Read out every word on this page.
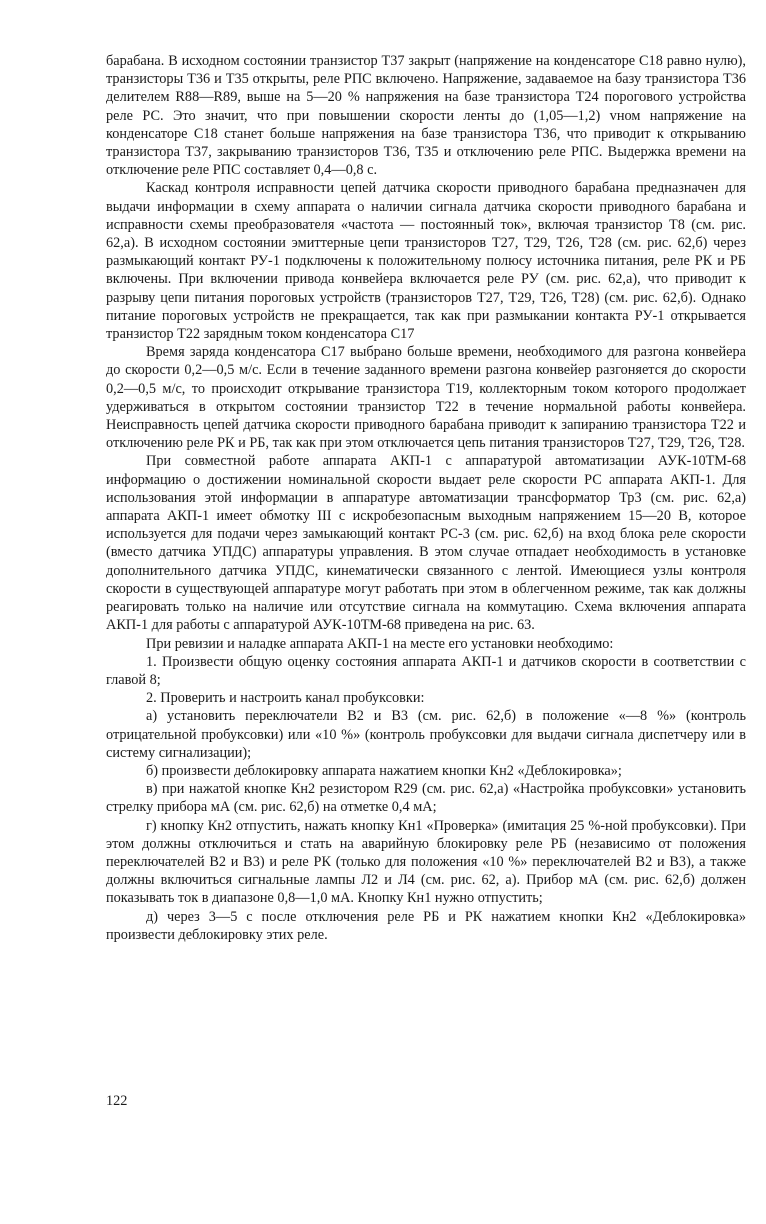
барабана. В исходном состоянии транзистор Т37 закрыт (напряжение на конденсаторе С18 равно нулю), транзисторы Т36 и Т35 открыты, реле РПС включено. Напряжение, задаваемое на базу транзистора Т36 делителем R88—R89, выше на 5—20 % напряжения на базе транзистора Т24 порогового устройства реле РС. Это значит, что при повышении скорости ленты до (1,05—1,2) vном напряжение на конденсаторе С18 станет больше напряжения на базе транзистора Т36, что приводит к открыванию транзистора Т37, закрыванию транзисторов Т36, Т35 и отключению реле РПС. Выдержка времени на отключение реле РПС составляет 0,4—0,8 с.

Каскад контроля исправности цепей датчика скорости приводного барабана предназначен для выдачи информации в схему аппарата о наличии сигнала датчика скорости приводного барабана и исправности схемы преобразователя «частота — постоянный ток», включая транзистор Т8 (см. рис. 62,а). В исходном состоянии эмиттерные цепи транзисторов Т27, Т29, Т26, Т28 (см. рис. 62,б) через размыкающий контакт РУ-1 подключены к положительному полюсу источника питания, реле РК и РБ включены. При включении привода конвейера включается реле РУ (см. рис. 62,а), что приводит к разрыву цепи питания пороговых устройств (транзисторов Т27, Т29, Т26, Т28) (см. рис. 62,б). Однако питание пороговых устройств не прекращается, так как при размыкании контакта РУ-1 открывается транзистор Т22 зарядным током конденсатора С17

Время заряда конденсатора С17 выбрано больше времени, необходимого для разгона конвейера до скорости 0,2—0,5 м/с. Если в течение заданного времени разгона конвейер разгоняется до скорости 0,2—0,5 м/с, то происходит открывание транзистора Т19, коллекторным током которого продолжает удерживаться в открытом состоянии транзистор Т22 в течение нормальной работы конвейера. Неисправность цепей датчика скорости приводного барабана приводит к запиранию транзистора Т22 и отключению реле РК и РБ, так как при этом отключается цепь питания транзисторов Т27, Т29, Т26, Т28.

При совместной работе аппарата АКП-1 с аппаратурой автоматизации АУК-10ТМ-68 информацию о достижении номинальной скорости выдает реле скорости РС аппарата АКП-1. Для использования этой информации в аппаратуре автоматизации трансформатор Тр3 (см. рис. 62,а) аппарата АКП-1 имеет обмотку III с искробезопасным выходным напряжением 15—20 В, которое используется для подачи через замыкающий контакт РС-3 (см. рис. 62,б) на вход блока реле скорости (вместо датчика УПДС) аппаратуры управления. В этом случае отпадает необходимость в установке дополнительного датчика УПДС, кинематически связанного с лентой. Имеющиеся узлы контроля скорости в существующей аппаратуре могут работать при этом в облегченном режиме, так как должны реагировать только на наличие или отсутствие сигнала на коммутацию. Схема включения аппарата АКП-1 для работы с аппаратурой АУК-10ТМ-68 приведена на рис. 63.

При ревизии и наладке аппарата АКП-1 на месте его установки необходимо:

1. Произвести общую оценку состояния аппарата АКП-1 и датчиков скорости в соответствии с главой 8;

2. Проверить и настроить канал пробуксовки:

а) установить переключатели В2 и В3 (см. рис. 62,б) в положение «—8 %» (контроль отрицательной пробуксовки) или «10 %» (контроль пробуксовки для выдачи сигнала диспетчеру или в систему сигнализации);

б) произвести деблокировку аппарата нажатием кнопки Кн2 «Деблокировка»;

в) при нажатой кнопке Кн2 резистором R29 (см. рис. 62,а) «Настройка пробуксовки» установить стрелку прибора мА (см. рис. 62,б) на отметке 0,4 мА;

г) кнопку Кн2 отпустить, нажать кнопку Кн1 «Проверка» (имитация 25 %-ной пробуксовки). При этом должны отключиться и стать на аварийную блокировку реле РБ (независимо от положения переключателей В2 и В3) и реле РК (только для положения «10 %» переключателей В2 и В3), а также должны включиться сигнальные лампы Л2 и Л4 (см. рис. 62, а). Прибор мА (см. рис. 62,б) должен показывать ток в диапазоне 0,8—1,0 мА. Кнопку Кн1 нужно отпустить;

д) через 3—5 с после отключения реле РБ и РК нажатием кнопки Кн2 «Деблокировка» произвести деблокировку этих реле.

122
